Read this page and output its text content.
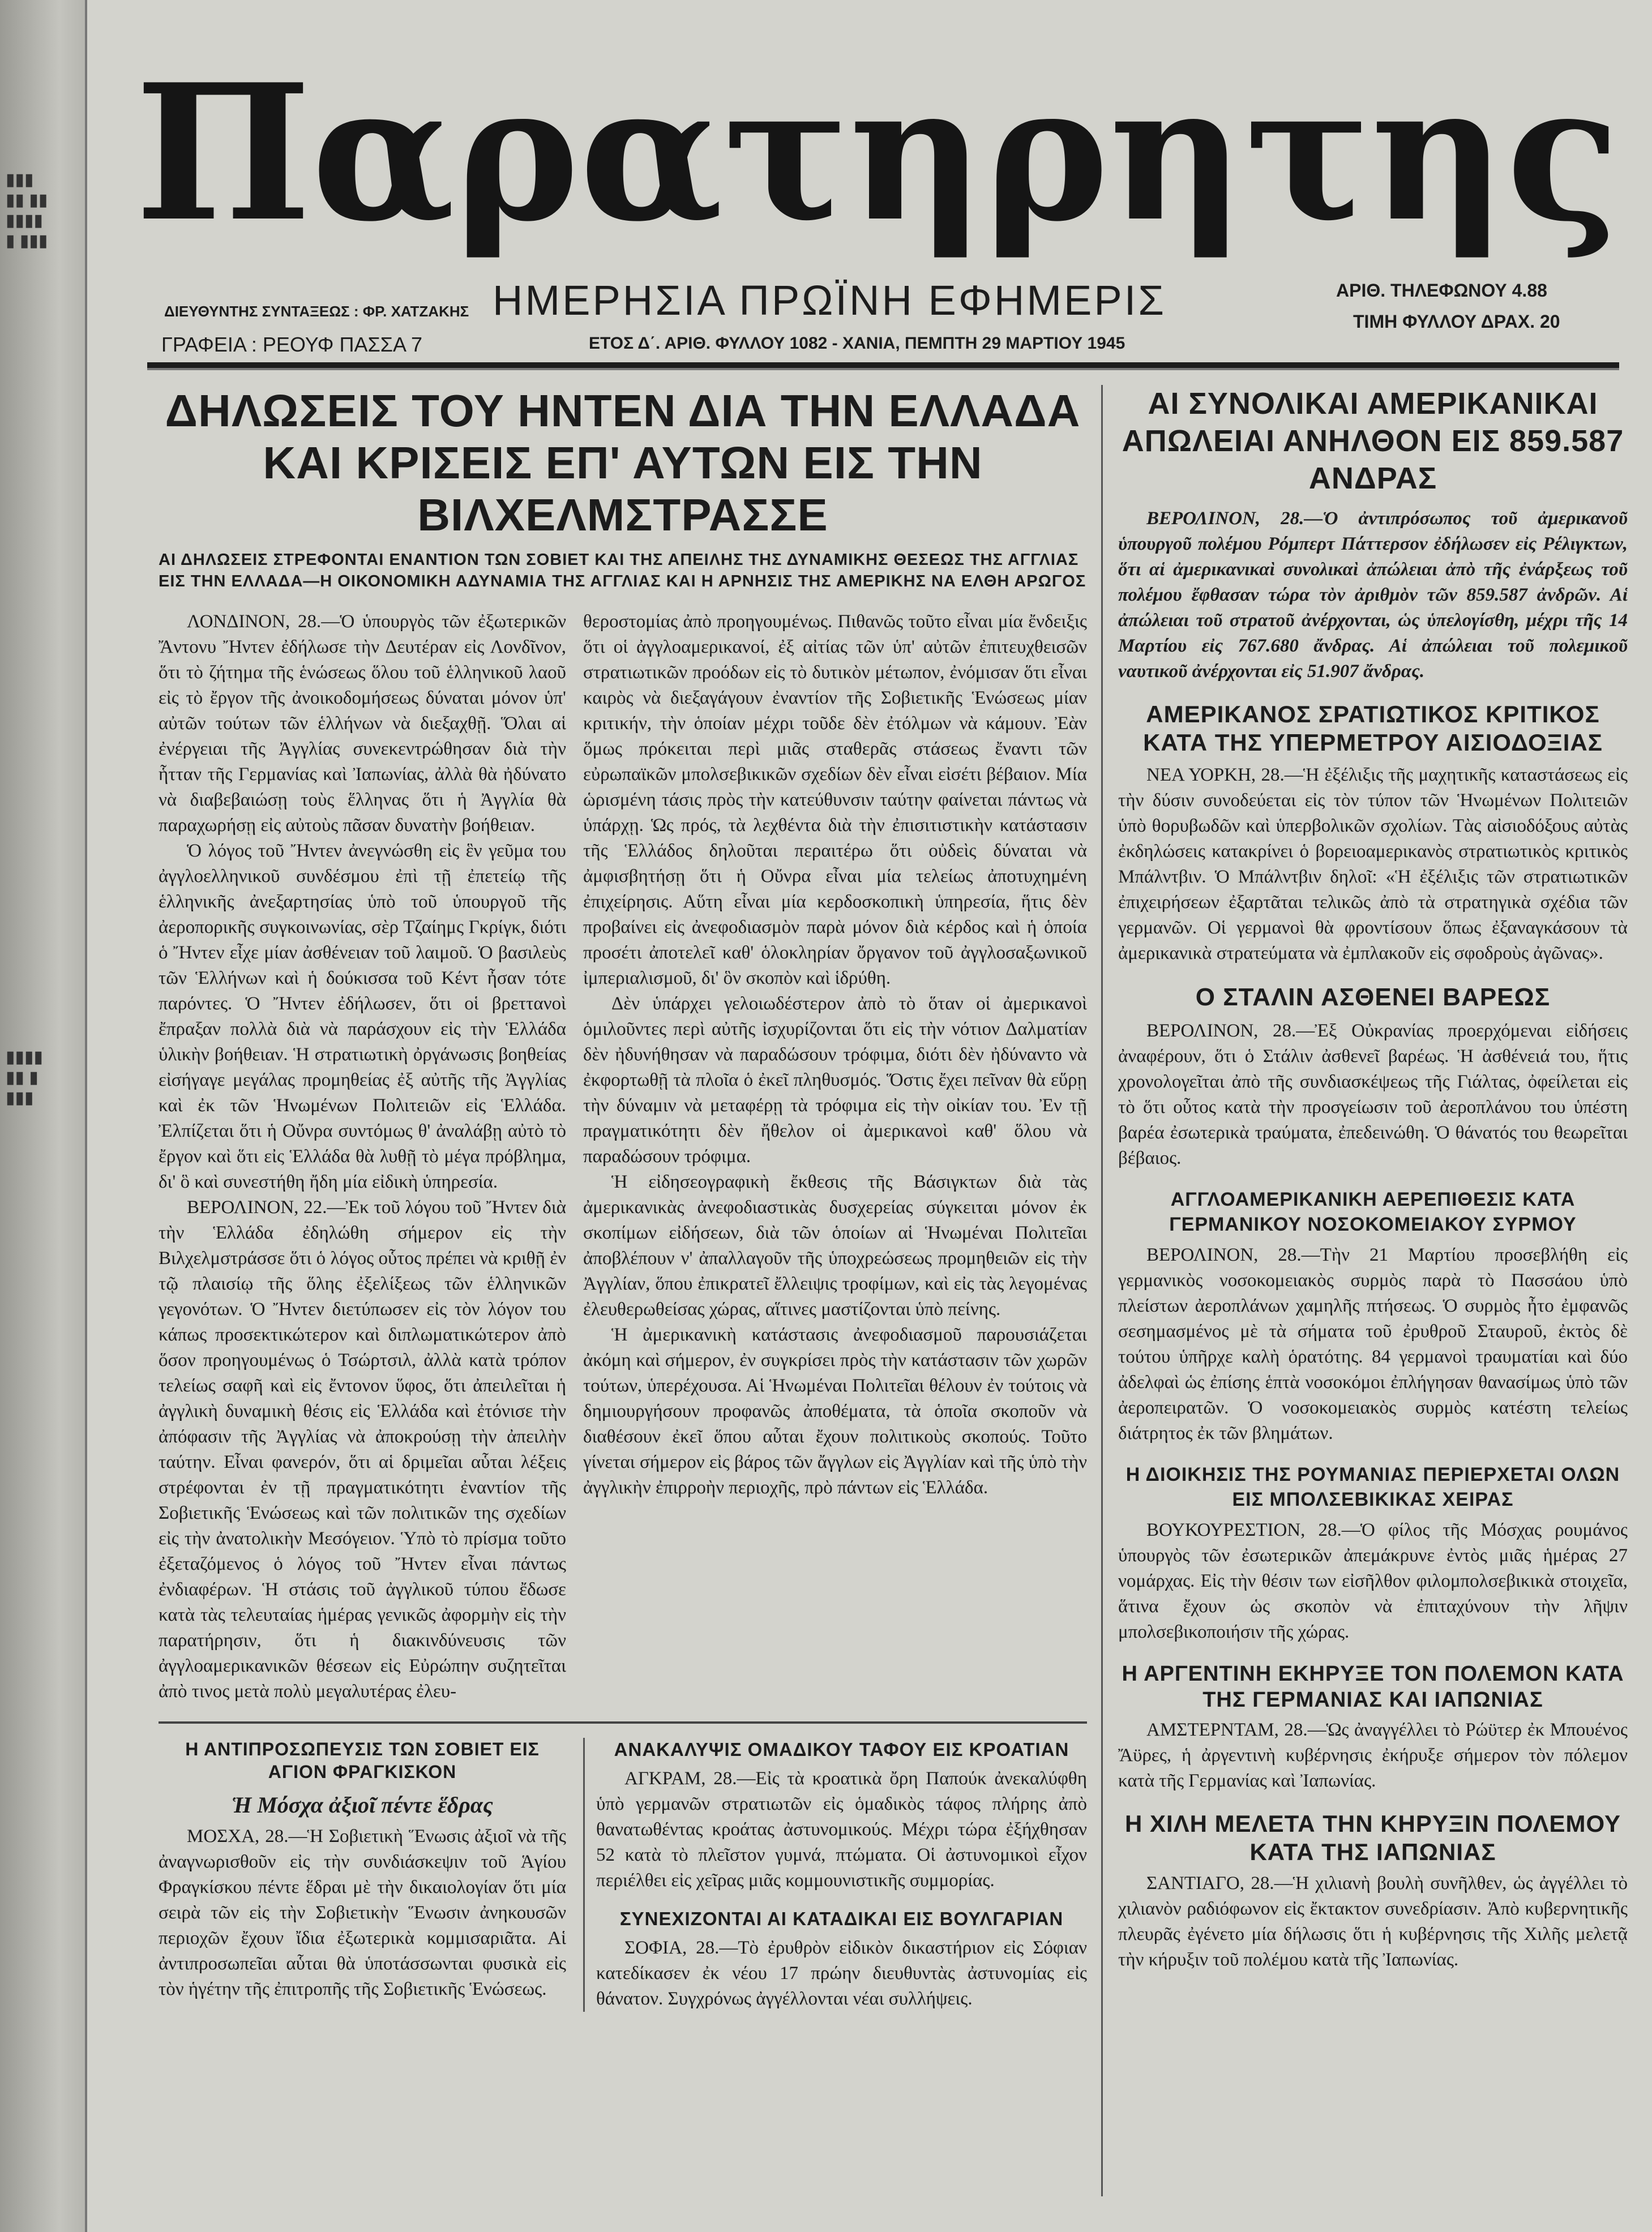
▮▮▮
▮▮ ▮▮
▮▮▮▮
▮ ▮▮▮
▮▮▮▮
▮▮ ▮
▮▮▮
Παρατηρητης
ΔΙΕΥΘΥΝΤΗΣ ΣΥΝΤΑΞΕΩΣ : ΦΡ. ΧΑΤΖΑΚΗΣ
ΓΡΑΦΕΙΑ : ΡΕΟΥΦ ΠΑΣΣΑ 7
ΗΜΕΡΗΣΙΑ ΠΡΩΪΝΗ ΕΦΗΜΕΡΙΣ
ΕΤΟΣ Δ΄. ΑΡΙΘ. ΦΥΛΛΟΥ 1082 - ΧΑΝΙΑ, ΠΕΜΠΤΗ 29 ΜΑΡΤΙΟΥ 1945
ΑΡΙΘ. ΤΗΛΕΦΩΝΟΥ 4.88
ΤΙΜΗ ΦΥΛΛΟΥ ΔΡΑΧ. 20
ΔΗΛΩΣΕΙΣ ΤΟΥ ΗΝΤΕΝ ΔΙΑ ΤΗΝ ΕΛΛΑΔΑ
ΚΑΙ ΚΡΙΣΕΙΣ ΕΠ' ΑΥΤΩΝ ΕΙΣ ΤΗΝ ΒΙΛΧΕΛΜΣΤΡΑΣΣΕ
ΑΙ ΔΗΛΩΣΕΙΣ ΣΤΡΕΦΟΝΤΑΙ ΕΝΑΝΤΙΟΝ ΤΩΝ ΣΟΒΙΕΤ ΚΑΙ ΤΗΣ ΑΠΕΙΛΗΣ ΤΗΣ ΔΥΝΑΜΙΚΗΣ ΘΕΣΕΩΣ ΤΗΣ ΑΓΓΛΙΑΣ
ΕΙΣ ΤΗΝ ΕΛΛΑΔΑ—Η ΟΙΚΟΝΟΜΙΚΗ ΑΔΥΝΑΜΙΑ ΤΗΣ ΑΓΓΛΙΑΣ ΚΑΙ Η ΑΡΝΗΣΙΣ ΤΗΣ ΑΜΕΡΙΚΗΣ ΝΑ ΕΛΘΗ ΑΡΩΓΟΣ

ΛΟΝΔΙΝΟΝ, 28.—Ὁ ὑπουργὸς τῶν ἐξωτερικῶν Ἄντονυ Ἤντεν ἐδήλωσε τὴν Δευτέραν εἰς Λονδῖνον, ὅτι τὸ ζήτημα τῆς ἑνώσεως ὅλου τοῦ ἑλληνικοῦ λαοῦ εἰς τὸ ἔργον τῆς ἀνοικοδομήσεως δύναται μόνον ὑπ' αὐτῶν τούτων τῶν ἑλλήνων νὰ διεξαχθῇ. Ὅλαι αἱ ἐνέργειαι τῆς Ἀγγλίας συνεκεντρώθησαν διὰ τὴν ἧτταν τῆς Γερμανίας καὶ Ἰαπωνίας, ἀλλὰ θὰ ἠδύνατο νὰ διαβεβαιώσῃ τοὺς ἕλληνας ὅτι ἡ Ἀγγλία θὰ παραχωρήσῃ εἰς αὐτοὺς πᾶσαν δυνατὴν βοήθειαν.

Ὁ λόγος τοῦ Ἤντεν ἀνεγνώσθη εἰς ἓν γεῦμα του ἀγγλοελληνικοῦ συνδέσμου ἐπὶ τῇ ἐπετείῳ τῆς ἑλληνικῆς ἀνεξαρτησίας ὑπὸ τοῦ ὑπουργοῦ τῆς ἀεροπορικῆς συγκοινωνίας, σὲρ Τζαίημς Γκρίγκ, διότι ὁ Ἤντεν εἶχε μίαν ἀσθένειαν τοῦ λαιμοῦ. Ὁ βασιλεὺς τῶν Ἑλλήνων καὶ ἡ δούκισσα τοῦ Κέντ ἦσαν τότε παρόντες. Ὁ Ἤντεν ἐδήλωσεν, ὅτι οἱ βρεττανοὶ ἔπραξαν πολλὰ διὰ νὰ παράσχουν εἰς τὴν Ἑλλάδα ὑλικὴν βοήθειαν. Ἡ στρατιωτικὴ ὀργάνωσις βοηθείας εἰσήγαγε μεγάλας προμηθείας ἐξ αὐτῆς τῆς Ἀγγλίας καὶ ἐκ τῶν Ἡνωμένων Πολιτειῶν εἰς Ἑλλάδα. Ἐλπίζεται ὅτι ἡ Οὔνρα συντόμως θ' ἀναλάβῃ αὐτὸ τὸ ἔργον καὶ ὅτι εἰς Ἑλλάδα θὰ λυθῇ τὸ μέγα πρόβλημα, δι' ὃ καὶ συνεστήθη ἤδη μία εἰδικὴ ὑπηρεσία.

ΒΕΡΟΛΙΝΟΝ, 22.—Ἐκ τοῦ λόγου τοῦ Ἤντεν διὰ τὴν Ἑλλάδα ἐδηλώθη σήμερον εἰς τὴν Βιλχελμστράσσε ὅτι ὁ λόγος οὗτος πρέπει νὰ κριθῇ ἐν τῷ πλαισίῳ τῆς ὅλης ἐξελίξεως τῶν ἑλληνικῶν γεγονότων. Ὁ Ἤντεν διετύπωσεν εἰς τὸν λόγον του κάπως προσεκτικώτερον καὶ διπλωματικώτερον ἀπὸ ὅσον προηγουμένως ὁ Τσώρτσιλ, ἀλλὰ κατὰ τρόπον τελείως σαφῆ καὶ εἰς ἔντονον ὕφος, ὅτι ἀπειλεῖται ἡ ἀγγλικὴ δυναμικὴ θέσις εἰς Ἑλλάδα καὶ ἐτόνισε τὴν ἀπόφασιν τῆς Ἀγγλίας νὰ ἀποκρούσῃ τὴν ἀπειλὴν ταύτην. Εἶναι φανερόν, ὅτι αἱ δριμεῖαι αὗται λέξεις στρέφονται ἐν τῇ πραγματικότητι ἐναντίον τῆς Σοβιετικῆς Ἑνώσεως καὶ τῶν πολιτικῶν της σχεδίων εἰς τὴν ἀνατολικὴν Μεσόγειον. Ὑπὸ τὸ πρίσμα τοῦτο ἐξεταζόμενος ὁ λόγος τοῦ Ἤντεν εἶναι πάντως ἐνδιαφέρων. Ἡ στάσις τοῦ ἀγγλικοῦ τύπου ἔδωσε κατὰ τὰς τελευταίας ἡμέρας γενικῶς ἀφορμὴν εἰς τὴν παρατήρησιν, ὅτι ἡ διακινδύνευσις τῶν ἀγγλοαμερικανικῶν θέσεων εἰς Εὐρώπην συζητεῖται ἀπὸ τινος μετὰ πολὺ μεγαλυτέρας ἐλευ-

θεροστομίας ἀπὸ προηγουμένως. Πιθανῶς τοῦτο εἶναι μία ἔνδειξις ὅτι οἱ ἀγγλοαμερικανοί, ἐξ αἰτίας τῶν ὑπ' αὐτῶν ἐπιτευχθεισῶν στρατιωτικῶν προόδων εἰς τὸ δυτικὸν μέτωπον, ἐνόμισαν ὅτι εἶναι καιρὸς νὰ διεξαγάγουν ἐναντίον τῆς Σοβιετικῆς Ἑνώσεως μίαν κριτικήν, τὴν ὁποίαν μέχρι τοῦδε δὲν ἐτόλμων νὰ κάμουν. Ἐὰν ὅμως πρόκειται περὶ μιᾶς σταθερᾶς στάσεως ἔναντι τῶν εὐρωπαϊκῶν μπολσεβικικῶν σχεδίων δὲν εἶναι εἰσέτι βέβαιον. Μία ὡρισμένη τάσις πρὸς τὴν κατεύθυνσιν ταύτην φαίνεται πάντως νὰ ὑπάρχῃ. Ὡς πρός, τὰ λεχθέντα διὰ τὴν ἐπισιτιστικὴν κατάστασιν τῆς Ἑλλάδος δηλοῦται περαιτέρω ὅτι οὐδεὶς δύναται νὰ ἀμφισβητήσῃ ὅτι ἡ Οὔνρα εἶναι μία τελείως ἀποτυχημένη ἐπιχείρησις. Αὕτη εἶναι μία κερδοσκοπικὴ ὑπηρεσία, ἥτις δὲν προβαίνει εἰς ἀνεφοδιασμὸν παρὰ μόνον διὰ κέρδος καὶ ἡ ὁποία προσέτι ἀποτελεῖ καθ' ὁλοκληρίαν ὄργανον τοῦ ἀγγλοσαξωνικοῦ ἰμπεριαλισμοῦ, δι' ὃν σκοπὸν καὶ ἱδρύθη.

Δὲν ὑπάρχει γελοιωδέστερον ἀπὸ τὸ ὅταν οἱ ἀμερικανοὶ ὁμιλοῦντες περὶ αὐτῆς ἰσχυρίζονται ὅτι εἰς τὴν νότιον Δαλματίαν δὲν ἠδυνήθησαν νὰ παραδώσουν τρόφιμα, διότι δὲν ἠδύναντο νὰ ἐκφορτωθῇ τὰ πλοῖα ὁ ἐκεῖ πληθυσμός. Ὅστις ἔχει πεῖναν θὰ εὕρῃ τὴν δύναμιν νὰ μεταφέρῃ τὰ τρόφιμα εἰς τὴν οἰκίαν του. Ἐν τῇ πραγματικότητι δὲν ἤθελον οἱ ἀμερικανοὶ καθ' ὅλου νὰ παραδώσουν τρόφιμα.

Ἡ εἰδησεογραφικὴ ἔκθεσις τῆς Βάσιγκτων διὰ τὰς ἀμερικανικὰς ἀνεφοδιαστικὰς δυσχερείας σύγκειται μόνον ἐκ σκοπίμων εἰδήσεων, διὰ τῶν ὁποίων αἱ Ἡνωμέναι Πολιτεῖαι ἀποβλέπουν ν' ἀπαλλαγοῦν τῆς ὑποχρεώσεως προμηθειῶν εἰς τὴν Ἀγγλίαν, ὅπου ἐπικρατεῖ ἔλλειψις τροφίμων, καὶ εἰς τὰς λεγομένας ἐλευθερωθείσας χώρας, αἵτινες μαστίζονται ὑπὸ πείνης.

Ἡ ἀμερικανικὴ κατάστασις ἀνεφοδιασμοῦ παρουσιάζεται ἀκόμη καὶ σήμερον, ἐν συγκρίσει πρὸς τὴν κατάστασιν τῶν χωρῶν τούτων, ὑπερέχουσα. Αἱ Ἡνωμέναι Πολιτεῖαι θέλουν ἐν τούτοις νὰ δημιουργήσουν προφανῶς ἀποθέματα, τὰ ὁποῖα σκοποῦν νὰ διαθέσουν ἐκεῖ ὅπου αὗται ἔχουν πολιτικοὺς σκοπούς. Τοῦτο γίνεται σήμερον εἰς βάρος τῶν ἄγγλων εἰς Ἀγγλίαν καὶ τῆς ὑπὸ τὴν ἀγγλικὴν ἐπιρροὴν περιοχῆς, πρὸ πάντων εἰς Ἑλλάδα.

Η ΑΝΤΙΠΡΟΣΩΠΕΥΣΙΣ ΤΩΝ ΣΟΒΙΕΤ ΕΙΣ ΑΓΙΟΝ ΦΡΑΓΚΙΣΚΟΝ
Ἡ Μόσχα ἀξιοῖ πέντε ἕδρας

ΜΟΣΧΑ, 28.—Ἡ Σοβιετικὴ Ἕνωσις ἀξιοῖ νὰ τῆς ἀναγνωρισθοῦν εἰς τὴν συνδιάσκεψιν τοῦ Ἁγίου Φραγκίσκου πέντε ἕδραι μὲ τὴν δικαιολογίαν ὅτι μία σειρὰ τῶν εἰς τὴν Σοβιετικὴν Ἕνωσιν ἀνηκουσῶν περιοχῶν ἔχουν ἴδια ἐξωτερικὰ κομμισαριᾶτα. Αἱ ἀντιπροσωπεῖαι αὗται θὰ ὑποτάσσωνται φυσικὰ εἰς τὸν ἡγέτην τῆς ἐπιτροπῆς τῆς Σοβιετικῆς Ἑνώσεως.

ΑΝΑΚΑΛΥΨΙΣ ΟΜΑΔΙΚΟΥ ΤΑΦΟΥ ΕΙΣ ΚΡΟΑΤΙΑΝ

ΑΓΚΡΑΜ, 28.—Εἰς τὰ κροατικὰ ὄρη Παπούκ ἀνεκαλύφθη ὑπὸ γερμανῶν στρατιωτῶν εἰς ὁμαδικὸς τάφος πλήρης ἀπὸ θανατωθέντας κροάτας ἀστυνομικούς. Μέχρι τώρα ἐξήχθησαν 52 κατὰ τὸ πλεῖστον γυμνά, πτώματα. Οἱ ἀστυνομικοὶ εἶχον περιέλθει εἰς χεῖρας μιᾶς κομμουνιστικῆς συμμορίας.

ΣΥΝΕΧΙΖΟΝΤΑΙ ΑΙ ΚΑΤΑΔΙΚΑΙ ΕΙΣ ΒΟΥΛΓΑΡΙΑΝ

ΣΟΦΙΑ, 28.—Τὸ ἐρυθρὸν εἰδικὸν δικαστήριον εἰς Σόφιαν κατεδίκασεν ἐκ νέου 17 πρώην διευθυντὰς ἀστυνομίας εἰς θάνατον. Συγχρόνως ἀγγέλλονται νέαι συλλήψεις.

ΑΙ ΣΥΝΟΛΙΚΑΙ ΑΜΕΡΙΚΑΝΙΚΑΙ ΑΠΩΛΕΙΑΙ ΑΝΗΛΘΟΝ ΕΙΣ 859.587 ΑΝΔΡΑΣ

ΒΕΡΟΛΙΝΟΝ, 28.—Ὁ ἀντιπρόσωπος τοῦ ἀμερικανοῦ ὑπουργοῦ πολέμου Ρόμπερτ Πάττερσον ἐδήλωσεν εἰς Ρέλιγκτων, ὅτι αἱ ἀμερικανικαὶ συνολικαὶ ἀπώλειαι ἀπὸ τῆς ἐνάρξεως τοῦ πολέμου ἔφθασαν τώρα τὸν ἀριθμὸν τῶν 859.587 ἀνδρῶν. Αἱ ἀπώλειαι τοῦ στρατοῦ ἀνέρχονται, ὡς ὑπελογίσθη, μέχρι τῆς 14 Μαρτίου εἰς 767.680 ἄνδρας. Αἱ ἀπώλειαι τοῦ πολεμικοῦ ναυτικοῦ ἀνέρχονται εἰς 51.907 ἄνδρας.

ΑΜΕΡΙΚΑΝΟΣ ΣΡΑΤΙΩΤΙΚΟΣ ΚΡΙΤΙΚΟΣ ΚΑΤΑ ΤΗΣ ΥΠΕΡΜΕΤΡΟΥ ΑΙΣΙΟΔΟΞΙΑΣ

ΝΕΑ ΥΟΡΚΗ, 28.—Ἡ ἐξέλιξις τῆς μαχητικῆς καταστάσεως εἰς τὴν δύσιν συνοδεύεται εἰς τὸν τύπον τῶν Ἡνωμένων Πολιτειῶν ὑπὸ θορυβωδῶν καὶ ὑπερβολικῶν σχολίων. Τὰς αἰσιοδόξους αὐτὰς ἐκδηλώσεις κατακρίνει ὁ βορειοαμερικανὸς στρατιωτικὸς κριτικὸς Μπάλντβιν. Ὁ Μπάλντβιν δηλοῖ: «Ἡ ἐξέλιξις τῶν στρατιωτικῶν ἐπιχειρήσεων ἐξαρτᾶται τελικῶς ἀπὸ τὰ στρατηγικὰ σχέδια τῶν γερμανῶν. Οἱ γερμανοὶ θὰ φροντίσουν ὅπως ἐξαναγκάσουν τὰ ἀμερικανικὰ στρατεύματα νὰ ἐμπλακοῦν εἰς σφοδροὺς ἀγῶνας».

Ο ΣΤΑΛΙΝ ΑΣΘΕΝΕΙ ΒΑΡΕΩΣ

ΒΕΡΟΛΙΝΟΝ, 28.—Ἐξ Οὐκρανίας προερχόμεναι εἰδήσεις ἀναφέρουν, ὅτι ὁ Στάλιν ἀσθενεῖ βαρέως. Ἡ ἀσθένειά του, ἥτις χρονολογεῖται ἀπὸ τῆς συνδιασκέψεως τῆς Γιάλτας, ὀφείλεται εἰς τὸ ὅτι οὗτος κατὰ τὴν προσγείωσιν τοῦ ἀεροπλάνου του ὑπέστη βαρέα ἐσωτερικὰ τραύματα, ἐπεδεινώθη. Ὁ θάνατός του θεωρεῖται βέβαιος.

ΑΓΓΛΟΑΜΕΡΙΚΑΝΙΚΗ ΑΕΡΕΠΙΘΕΣΙΣ ΚΑΤΑ ΓΕΡΜΑΝΙΚΟΥ ΝΟΣΟΚΟΜΕΙΑΚΟΥ ΣΥΡΜΟΥ

ΒΕΡΟΛΙΝΟΝ, 28.—Τὴν 21 Μαρτίου προσεβλήθη εἰς γερμανικὸς νοσοκομειακὸς συρμὸς παρὰ τὸ Πασσάου ὑπὸ πλείστων ἀεροπλάνων χαμηλῆς πτήσεως. Ὁ συρμὸς ἦτο ἐμφανῶς σεσημασμένος μὲ τὰ σήματα τοῦ ἐρυθροῦ Σταυροῦ, ἐκτὸς δὲ τούτου ὑπῆρχε καλὴ ὁρατότης. 84 γερμανοὶ τραυματίαι καὶ δύο ἀδελφαὶ ὡς ἐπίσης ἑπτὰ νοσοκόμοι ἐπλήγησαν θανασίμως ὑπὸ τῶν ἀεροπειρατῶν. Ὁ νοσοκομειακὸς συρμὸς κατέστη τελείως διάτρητος ἐκ τῶν βλημάτων.

Η ΔΙΟΙΚΗΣΙΣ ΤΗΣ ΡΟΥΜΑΝΙΑΣ ΠΕΡΙΕΡΧΕΤΑΙ ΟΛΩΝ ΕΙΣ ΜΠΟΛΣΕΒΙΚΙΚΑΣ ΧΕΙΡΑΣ

ΒΟΥΚΟΥΡΕΣΤΙΟΝ, 28.—Ὁ φίλος τῆς Μόσχας ρουμάνος ὑπουργὸς τῶν ἐσωτερικῶν ἀπεμάκρυνε ἐντὸς μιᾶς ἡμέρας 27 νομάρχας. Εἰς τὴν θέσιν των εἰσῆλθον φιλομπολσεβικικὰ στοιχεῖα, ἅτινα ἔχουν ὡς σκοπὸν νὰ ἐπιταχύνουν τὴν λῆψιν μπολσεβικοποιήσιν τῆς χώρας.

Η ΑΡΓΕΝΤΙΝΗ ΕΚΗΡΥΞΕ ΤΟΝ ΠΟΛΕΜΟΝ ΚΑΤΑ ΤΗΣ ΓΕΡΜΑΝΙΑΣ ΚΑΙ ΙΑΠΩΝΙΑΣ

ΑΜΣΤΕΡΝΤΑΜ, 28.—Ὡς ἀναγγέλλει τὸ Ρώϋτερ ἐκ Μπουένος Ἄϋρες, ἡ ἀργεντινὴ κυβέρνησις ἐκήρυξε σήμερον τὸν πόλεμον κατὰ τῆς Γερμανίας καὶ Ἰαπωνίας.

Η ΧΙΛΗ ΜΕΛΕΤΑ ΤΗΝ ΚΗΡΥΞΙΝ ΠΟΛΕΜΟΥ ΚΑΤΑ ΤΗΣ ΙΑΠΩΝΙΑΣ

ΣΑΝΤΙΑΓΟ, 28.—Ἡ χιλιανὴ βουλὴ συνῆλθεν, ὡς ἀγγέλλει τὸ χιλιανὸν ραδιόφωνον εἰς ἔκτακτον συνεδρίασιν. Ἀπὸ κυβερνητικῆς πλευρᾶς ἐγένετο μία δήλωσις ὅτι ἡ κυβέρνησις τῆς Χιλῆς μελετᾷ τὴν κήρυξιν τοῦ πολέμου κατὰ τῆς Ἰαπωνίας.
